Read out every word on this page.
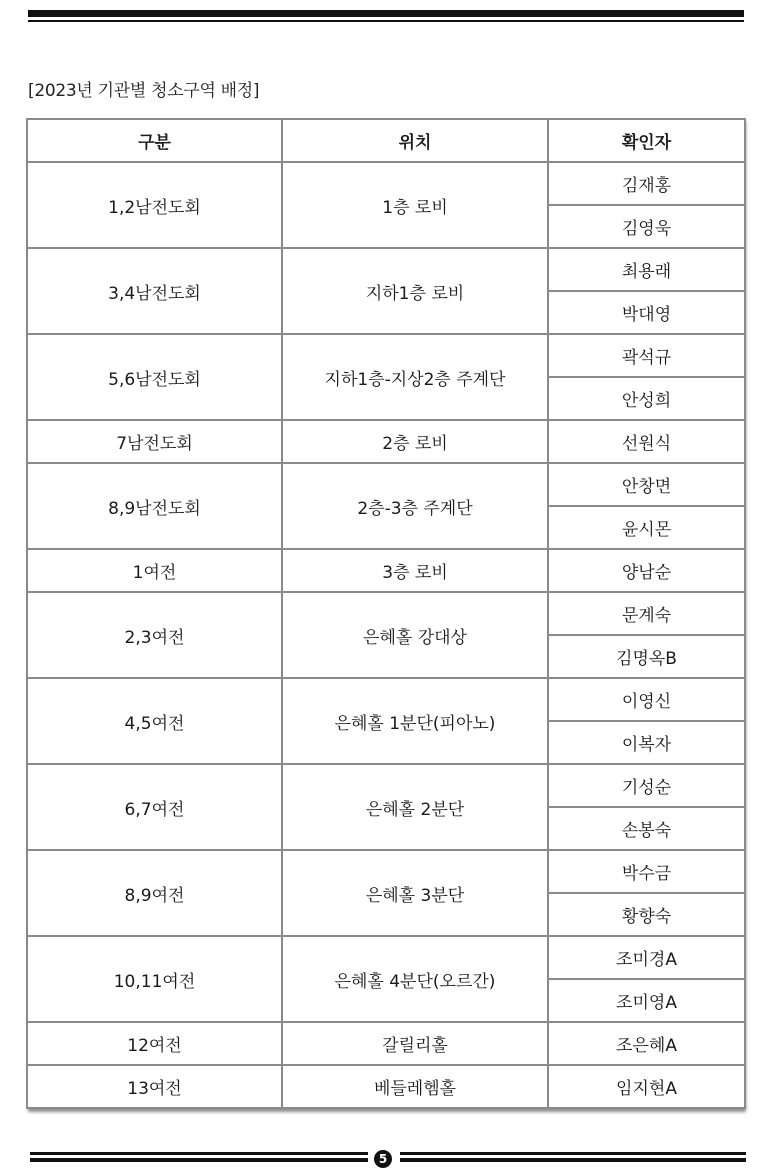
[2023년 기관별 청소구역 배정]
구분	위치	확인자
1,2남전도회	1층 로비	김재홍
		김영욱
3,4남전도회	지하1층 로비	최용래
		박대영
5,6남전도회	지하1층-지상2층 주계단	곽석규
		안성희
7남전도회	2층 로비	선원식
8,9남전도회	2층-3층 주계단	안창면
		윤시몬
1여전	3층 로비	양남순
2,3여전	은혜홀 강대상	문계숙
		김명옥B
4,5여전	은혜홀 1분단(피아노)	이영신
		이복자
6,7여전	은혜홀 2분단	기성순
		손봉숙
8,9여전	은혜홀 3분단	박수금
		황향숙
10,11여전	은혜홀 4분단(오르간)	조미경A
		조미영A
12여전	갈릴리홀	조은혜A
13여전	베들레헴홀	임지현A
5
